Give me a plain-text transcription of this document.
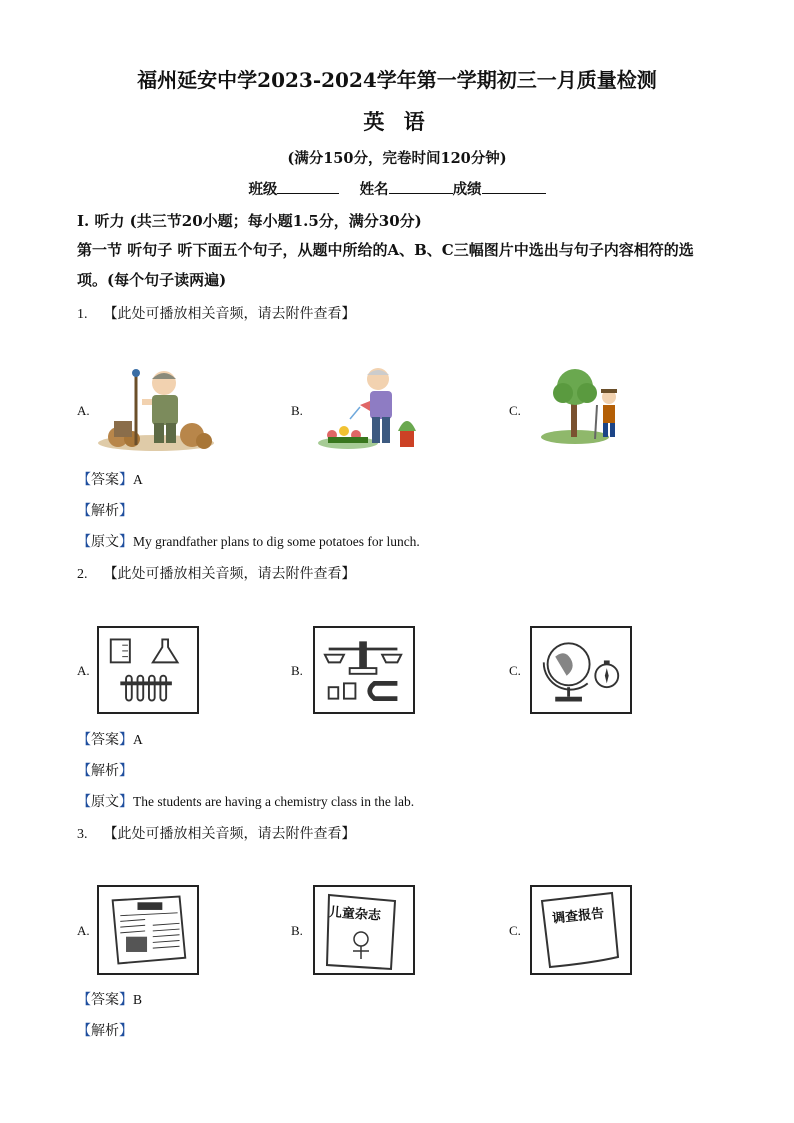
福州延安中学2023-2024学年第一学期初三一月质量检测
英 语
(满分150分，完卷时间120分钟)
班级	姓名	成绩
Ⅰ. 听力 (共三节20小题；每小题1.5分，满分30分)
第一节 听句子 听下面五个句子，从题中所给的A、B、C三幅图片中选出与句子内容相符的选项。(每个句子读两遍)
1. 【此处可播放相关音频，请去附件查看】
A.	B.	C.
【答案】A
【解析】
【原文】My grandfather plans to dig some potatoes for lunch.
2. 【此处可播放相关音频，请去附件查看】
A.	B.	C.
【答案】A
【解析】
【原文】The students are having a chemistry class in the lab.
3. 【此处可播放相关音频，请去附件查看】
A.	B.	C.
儿童杂志	调查报告
【答案】B
【解析】
